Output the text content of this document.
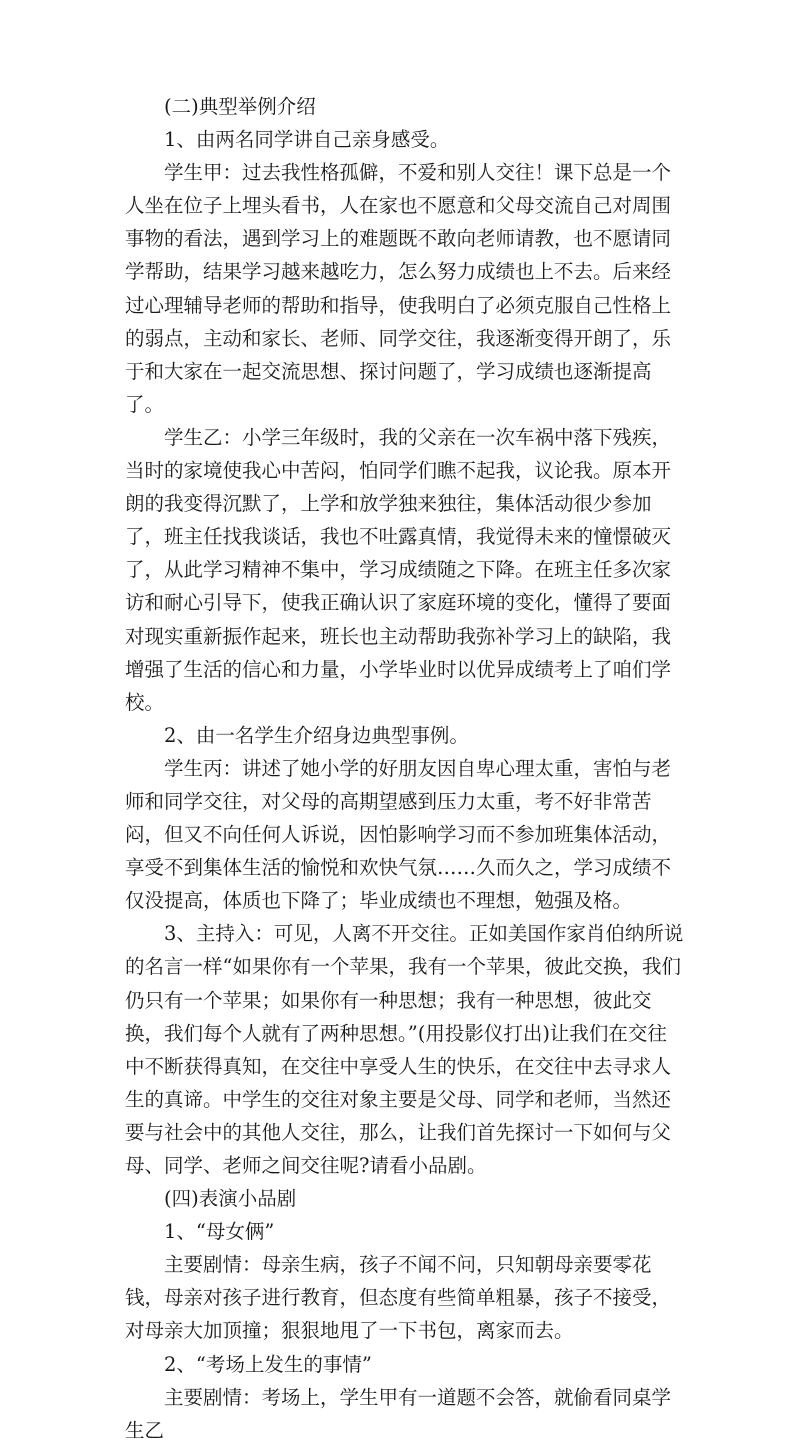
(二)典型举例介绍

1、由两名同学讲自己亲身感受。

学生甲：过去我性格孤僻，不爱和别人交往！课下总是一个人坐在位子上埋头看书，人在家也不愿意和父母交流自己对周围事物的看法，遇到学习上的难题既不敢向老师请教，也不愿请同学帮助，结果学习越来越吃力，怎么努力成绩也上不去。后来经过心理辅导老师的帮助和指导，使我明白了必须克服自己性格上的弱点，主动和家长、老师、同学交往，我逐渐变得开朗了，乐于和大家在一起交流思想、探讨问题了，学习成绩也逐渐提高了。

学生乙：小学三年级时，我的父亲在一次车祸中落下残疾，当时的家境使我心中苦闷，怕同学们瞧不起我，议论我。原本开朗的我变得沉默了，上学和放学独来独往，集体活动很少参加了，班主任找我谈话，我也不吐露真情，我觉得未来的憧憬破灭了，从此学习精神不集中，学习成绩随之下降。在班主任多次家访和耐心引导下，使我正确认识了家庭环境的变化，懂得了要面对现实重新振作起来，班长也主动帮助我弥补学习上的缺陷，我增强了生活的信心和力量，小学毕业时以优异成绩考上了咱们学校。

2、由一名学生介绍身边典型事例。

学生丙：讲述了她小学的好朋友因自卑心理太重，害怕与老师和同学交往，对父母的高期望感到压力太重，考不好非常苦闷，但又不向任何人诉说，因怕影响学习而不参加班集体活动，享受不到集体生活的愉悦和欢快气氛……久而久之，学习成绩不仅没提高，体质也下降了；毕业成绩也不理想，勉强及格。

3、主持入：可见，人离不开交往。正如美国作家肖伯纳所说的名言一样“如果你有一个苹果，我有一个苹果，彼此交换，我们仍只有一个苹果；如果你有一种思想；我有一种思想，彼此交换，我们每个人就有了两种思想。”(用投影仪打出)让我们在交往中不断获得真知，在交往中享受人生的快乐，在交往中去寻求人生的真谛。中学生的交往对象主要是父母、同学和老师，当然还要与社会中的其他人交往，那么，让我们首先探讨一下如何与父母、同学、老师之间交往呢?请看小品剧。

(四)表演小品剧

1、“母女俩”

主要剧情：母亲生病，孩子不闻不问，只知朝母亲要零花钱，母亲对孩子进行教育，但态度有些简单粗暴，孩子不接受，对母亲大加顶撞；狠狠地甩了一下书包，离家而去。

2、“考场上发生的事情”

主要剧情：考场上，学生甲有一道题不会答，就偷看同桌学生乙
